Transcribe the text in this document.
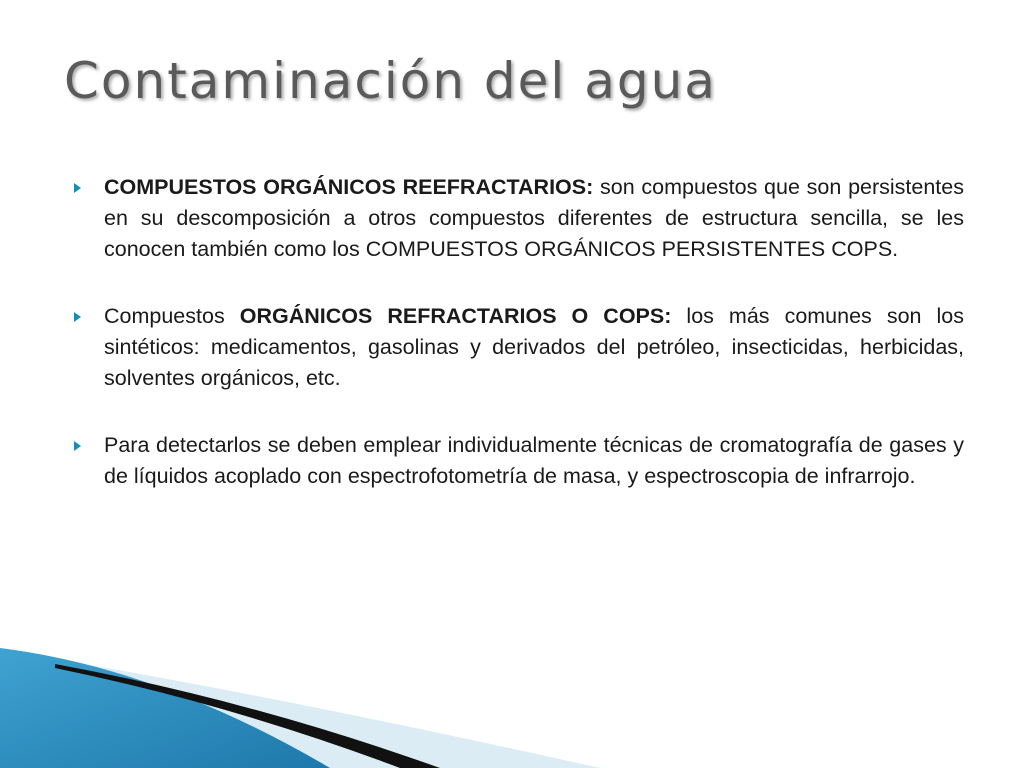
Contaminación del agua
COMPUESTOS ORGÁNICOS REEFRACTARIOS: son compuestos que son persistentes en su descomposición a otros compuestos diferentes de estructura sencilla, se les conocen también como los COMPUESTOS ORGÁNICOS PERSISTENTES COPS.
Compuestos ORGÁNICOS REFRACTARIOS O COPS: los más comunes son los sintéticos: medicamentos, gasolinas y derivados del petróleo, insecticidas, herbicidas, solventes orgánicos, etc.
Para detectarlos se deben emplear individualmente técnicas de cromatografía de gases y de líquidos acoplado con espectrofotometría de masa, y espectroscopia de infrarrojo.
